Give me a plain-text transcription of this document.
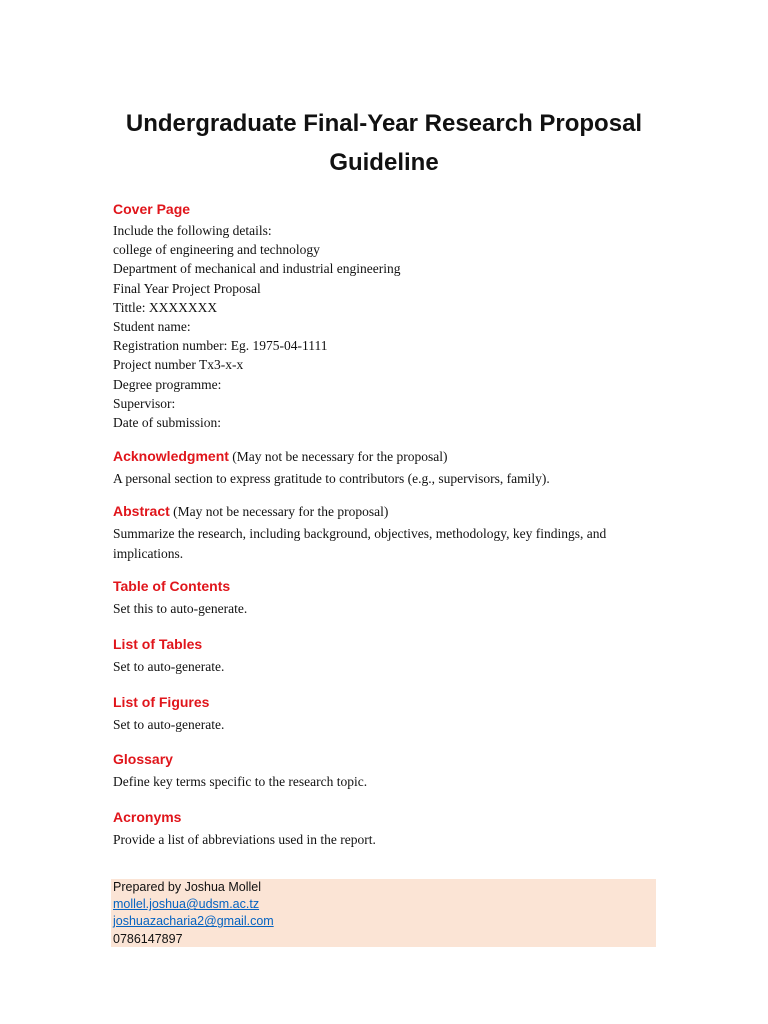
Undergraduate Final-Year Research Proposal
Guideline
Cover Page
Include the following details:
college of engineering and technology
Department of mechanical and industrial engineering
Final Year Project Proposal
Tittle: XXXXXXX
Student name:
Registration number: Eg. 1975-04-1111
Project number Tx3-x-x
Degree programme:
Supervisor:
Date of submission:
Acknowledgment (May not be necessary for the proposal)
A personal section to express gratitude to contributors (e.g., supervisors, family).
Abstract (May not be necessary for the proposal)
Summarize the research, including background, objectives, methodology, key findings, and implications.
Table of Contents
Set this to auto-generate.
List of Tables
Set to auto-generate.
List of Figures
Set to auto-generate.
Glossary
Define key terms specific to the research topic.
Acronyms
Provide a list of abbreviations used in the report.
Prepared by Joshua Mollel
mollel.joshua@udsm.ac.tz
joshuazacharia2@gmail.com
0786147897
